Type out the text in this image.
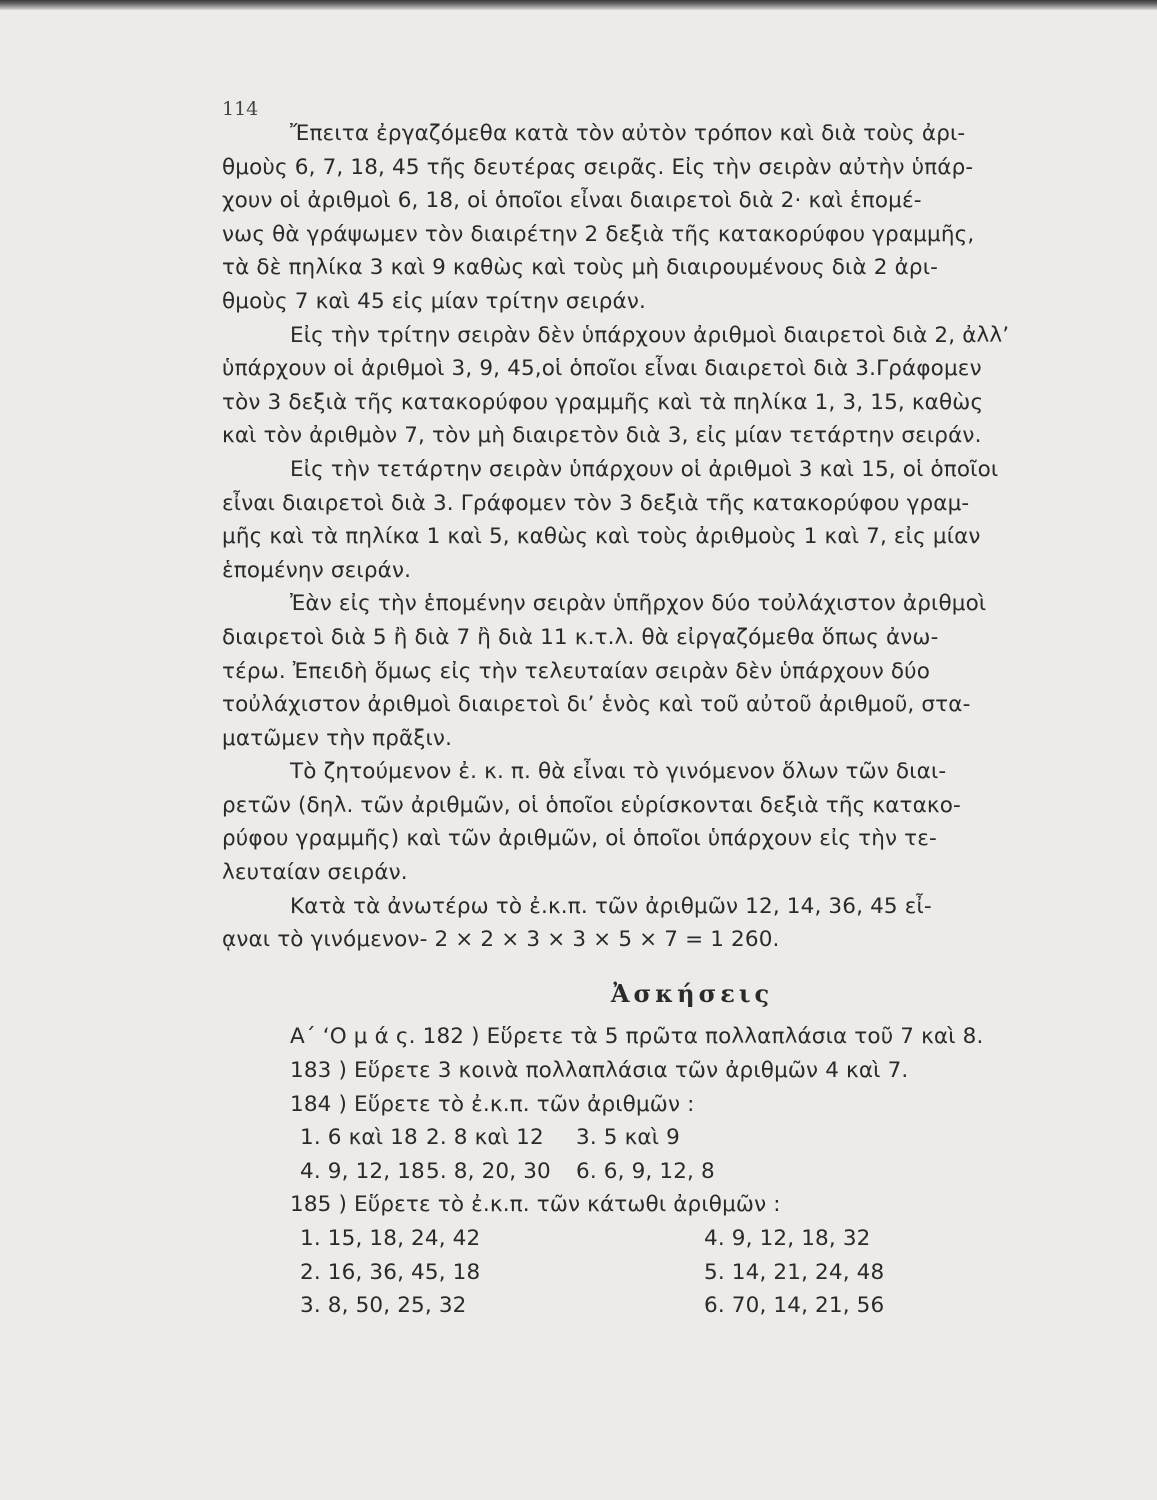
114

Ἔπειτα ἐργαζόμεθα κατὰ τὸν αὐτὸν τρόπον καὶ διὰ τοὺς ἀρι-
θμοὺς 6, 7, 18, 45 τῆς δευτέρας σειρᾶς. Εἰς τὴν σειρὰν αὐτὴν ὑπάρ-
χουν οἱ ἀριθμοὶ 6, 18, οἱ ὁποῖοι εἶναι διαιρετοὶ διὰ 2· καὶ ἑπομέ-
νως θὰ γράψωμεν τὸν διαιρέτην 2 δεξιὰ τῆς κατακορύφου γραμμῆς,
τὰ δὲ πηλίκα 3 καὶ 9 καθὼς καὶ τοὺς μὴ διαιρουμένους διὰ 2 ἀρι-
θμοὺς 7 καὶ 45 εἰς μίαν τρίτην σειράν.

Εἰς τὴν τρίτην σειρὰν δὲν ὑπάρχουν ἀριθμοὶ διαιρετοὶ διὰ 2, ἀλλ’
ὑπάρχουν οἱ ἀριθμοὶ 3, 9, 45,οἱ ὁποῖοι εἶναι διαιρετοὶ διὰ 3.Γράφομεν
τὸν 3 δεξιὰ τῆς κατακορύφου γραμμῆς καὶ τὰ πηλίκα 1, 3, 15, καθὼς
καὶ τὸν ἀριθμὸν 7, τὸν μὴ διαιρετὸν διὰ 3, εἰς μίαν τετάρτην σειράν.

Εἰς τὴν τετάρτην σειρὰν ὑπάρχουν οἱ ἀριθμοὶ 3 καὶ 15, οἱ ὁποῖοι
εἶναι διαιρετοὶ διὰ 3. Γράφομεν τὸν 3 δεξιὰ τῆς κατακορύφου γραμ-
μῆς καὶ τὰ πηλίκα 1 καὶ 5, καθὼς καὶ τοὺς ἀριθμοὺς 1 καὶ 7, εἰς μίαν
ἑπομένην σειράν.

Ἐὰν εἰς τὴν ἑπομένην σειρὰν ὑπῆρχον δύο τοὐλάχιστον ἀριθμοὶ
διαιρετοὶ διὰ 5 ἢ διὰ 7 ἢ διὰ 11 κ.τ.λ. θὰ εἰργαζόμεθα ὅπως ἀνω-
τέρω. Ἐπειδὴ ὅμως εἰς τὴν τελευταίαν σειρὰν δὲν ὑπάρχουν δύο
τοὐλάχιστον ἀριθμοὶ διαιρετοὶ δι’ ἑνὸς καὶ τοῦ αὐτοῦ ἀριθμοῦ, στα-
ματῶμεν τὴν πρᾶξιν.

Τὸ ζητούμενον ἐ. κ. π. θὰ εἶναι τὸ γινόμενον ὅλων τῶν διαι-
ρετῶν (δηλ. τῶν ἀριθμῶν, οἱ ὁποῖοι εὑρίσκονται δεξιὰ τῆς κατακο-
ρύφου γραμμῆς) καὶ τῶν ἀριθμῶν, οἱ ὁποῖοι ὑπάρχουν εἰς τὴν τε-
λευταίαν σειράν.

Κατὰ τὰ ἀνωτέρω τὸ ἐ.κ.π. τῶν ἀριθμῶν 12, 14, 36, 45 εἶ-
ᾳναι τὸ γινόμενον- 2 × 2 × 3 × 3 × 5 × 7 = 1 260.

Ἀσκήσεις
Α΄ ‘Ο μ ά ς. 182 ) Εὕρετε τὰ 5 πρῶτα πολλαπλάσια τοῦ 7 καὶ 8.
183 ) Εὕρετε 3 κοινὰ πολλαπλάσια τῶν ἀριθμῶν 4 καὶ 7.
184 ) Εὕρετε τὸ ἐ.κ.π. τῶν ἀριθμῶν :
1. 6 καὶ 18 2. 8 καὶ 12	3. 5 καὶ 9
4. 9, 12, 18 5. 8, 20, 30	6. 6, 9, 12, 8
185 ) Εὕρετε τὸ ἐ.κ.π. τῶν κάτωθι ἀριθμῶν :
1. 15, 18, 24, 42	4. 9, 12, 18, 32
2. 16, 36, 45, 18	5. 14, 21, 24, 48
3. 8, 50, 25, 32	6. 70, 14, 21, 56
